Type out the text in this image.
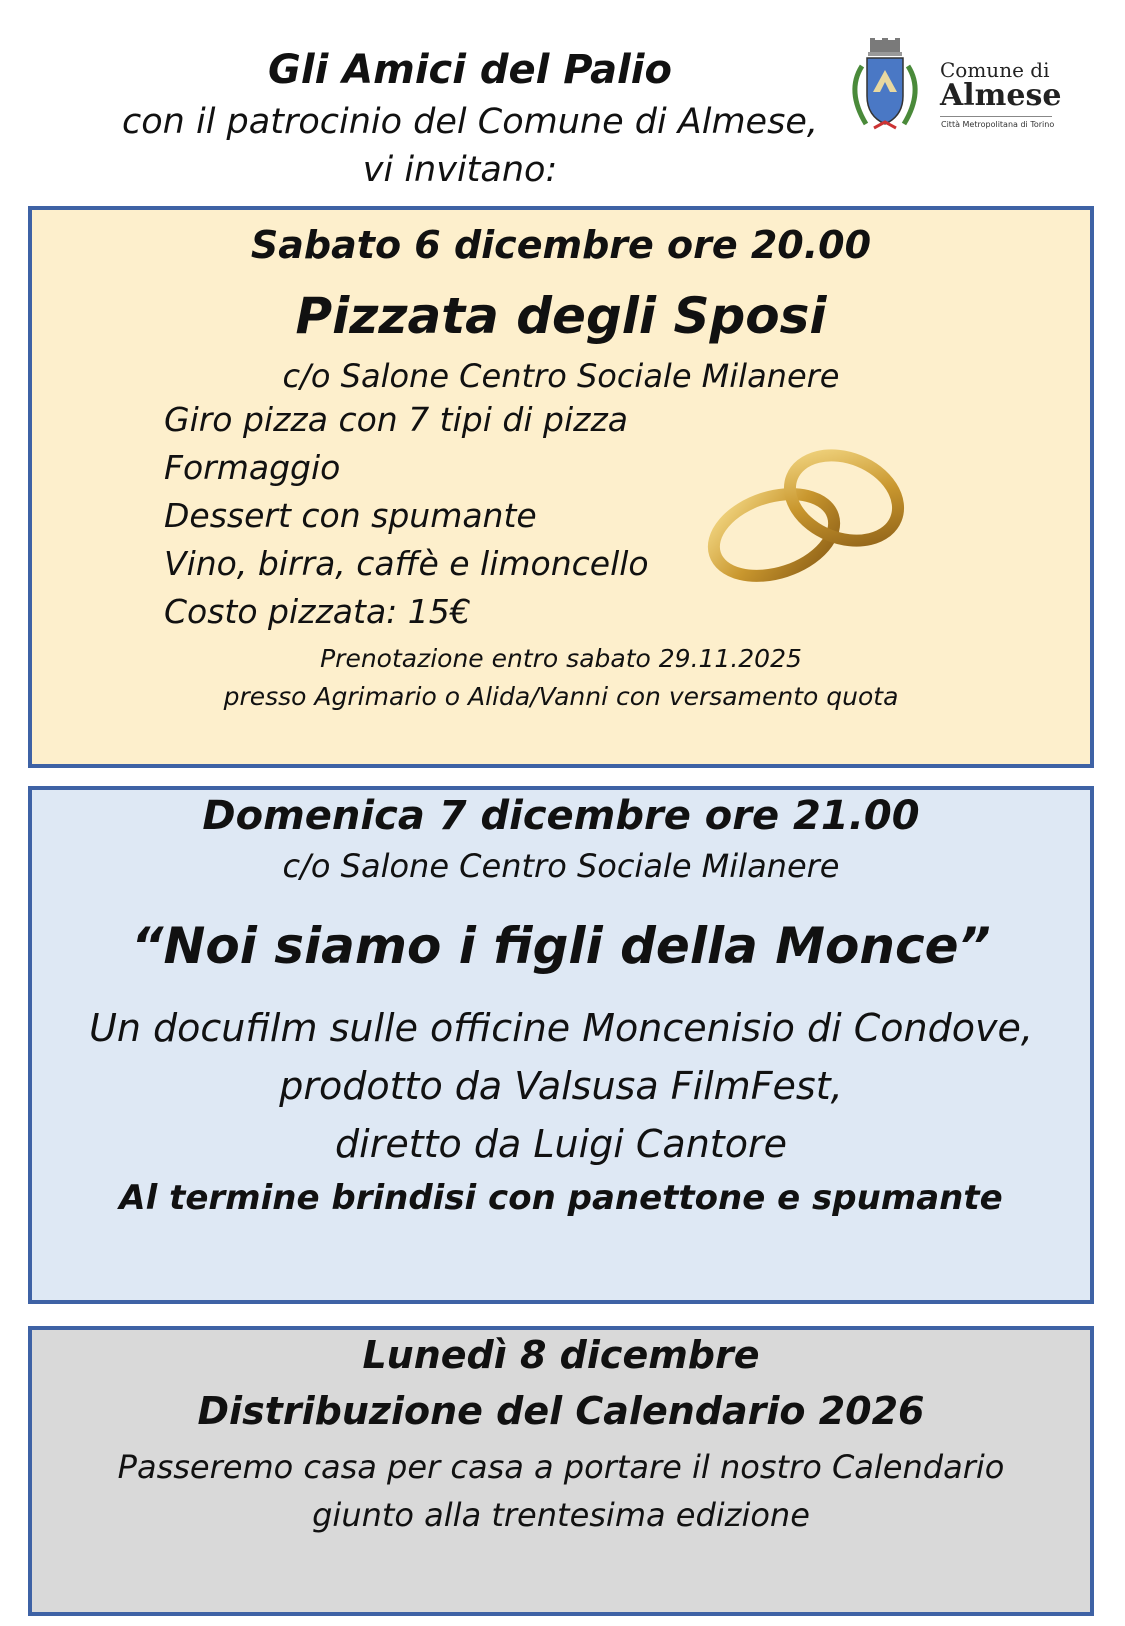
Gli Amici del Palio
con il patrocinio del Comune di Almese,
vi invitano:
Comune di
Almese
Città Metropolitana di Torino
Sabato 6 dicembre ore 20.00
Pizzata degli Sposi
c/o Salone Centro Sociale Milanere
Giro pizza con 7 tipi di pizza
Formaggio
Dessert con spumante
Vino, birra, caffè e limoncello
Costo pizzata: 15€
Prenotazione entro sabato 29.11.2025
presso Agrimario o Alida/Vanni con versamento quota
Domenica 7 dicembre ore 21.00
c/o Salone Centro Sociale Milanere
“Noi siamo i figli della Monce”
Un docufilm sulle officine Moncenisio di Condove,
prodotto da Valsusa FilmFest,
diretto da Luigi Cantore
Al termine brindisi con panettone e spumante
Lunedì 8 dicembre
Distribuzione del Calendario 2026
Passeremo casa per casa a portare il nostro Calendario
giunto alla trentesima edizione
